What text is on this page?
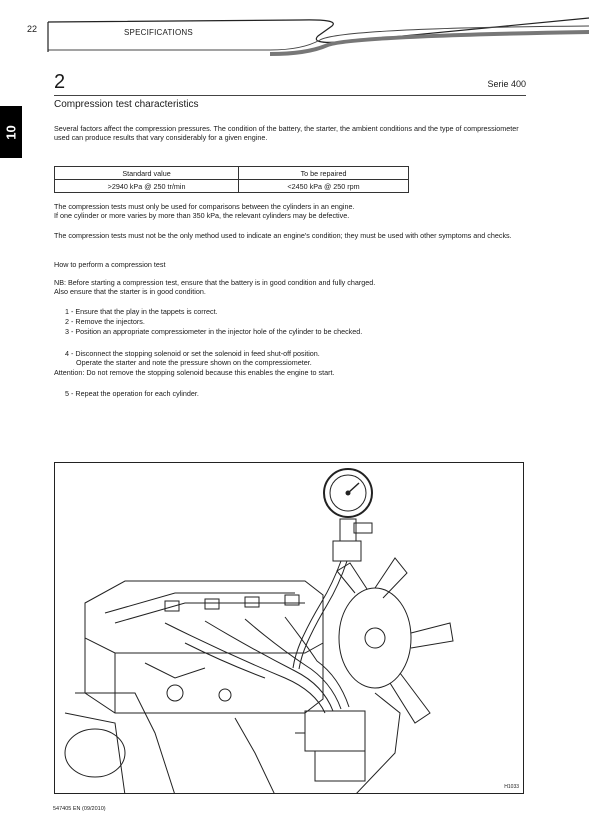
22	SPECIFICATIONS
10
2	Serie 400
Compression test characteristics
Several factors affect the compression pressures. The condition of the battery, the starter, the ambient conditions and the type of compressiometer used can produce results that vary considerably for a given engine.
Standard value	To be repaired
>2940 kPa @ 250 tr/min	<2450 kPa @ 250 rpm
The compression tests must only be used for comparisons between the cylinders in an engine.
If one cylinder or more varies by more than 350 kPa, the relevant cylinders may be defective.
The compression tests must not be the only method used to indicate an engine's condition; they must be used with other symptoms and checks.
How to perform a compression test
NB: Before starting a compression test, ensure that the battery is in good condition and fully charged.
Also ensure that the starter is in good condition.
1 - Ensure that the play in the tappets is correct.
2 - Remove the injectors.
3 - Position an appropriate compressiometer in the injector hole of the cylinder to be checked.
4 - Disconnect the stopping solenoid or set the solenoid in feed shut-off position.
Operate the starter and note the pressure shown on the compressiometer.
Attention: Do not remove the stopping solenoid because this enables the engine to start.
5 - Repeat the operation for each cylinder.
H1033
547405 EN (09/2010)
